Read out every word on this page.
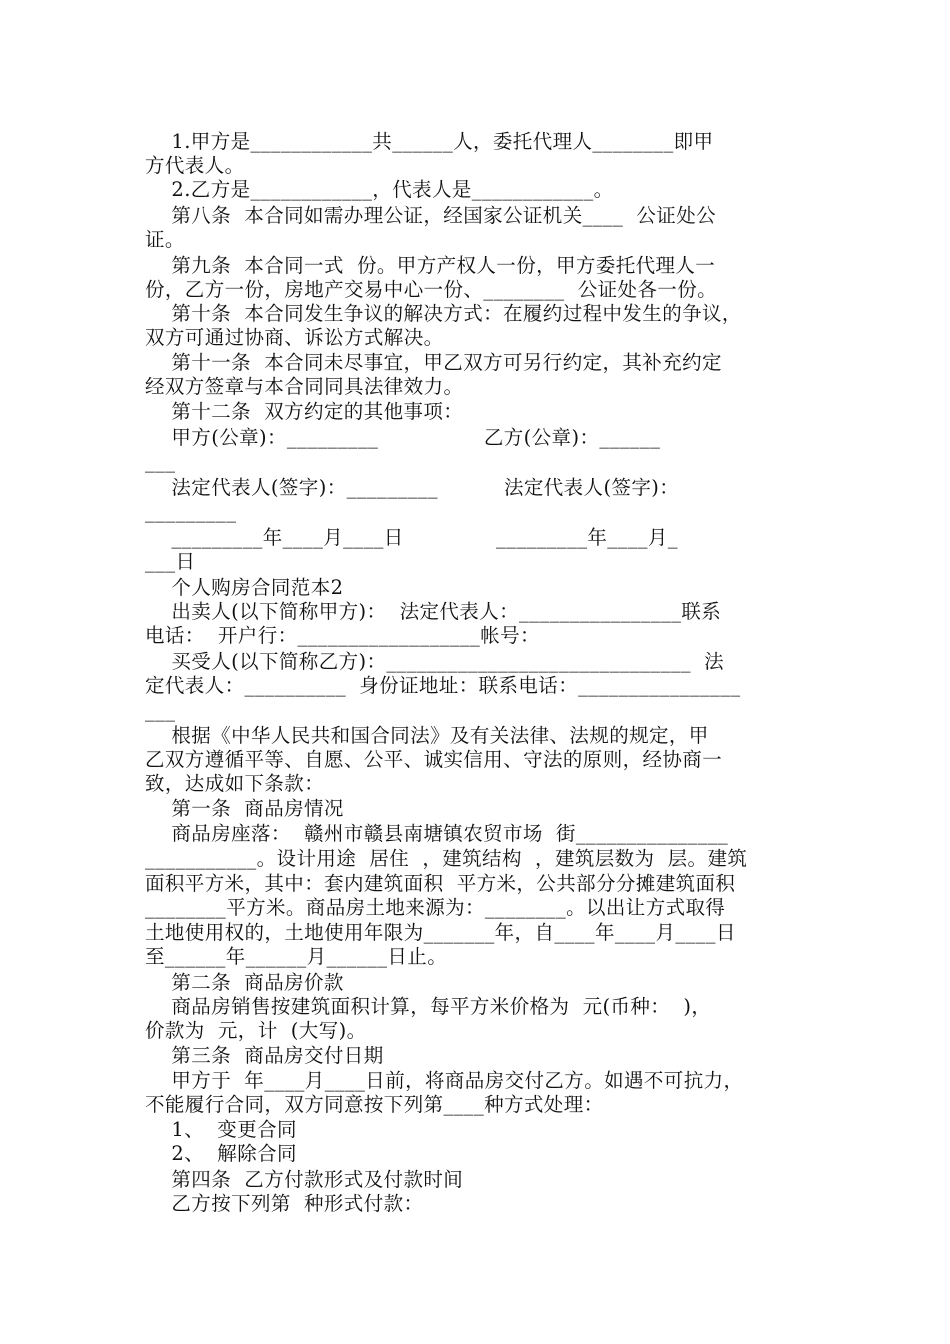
1.甲方是____________共______人，委托代理人________即甲
方代表人。
2.乙方是____________，代表人是____________。
第八条  本合同如需办理公证，经国家公证机关____  公证处公
证。
第九条  本合同一式  份。甲方产权人一份，甲方委托代理人一
份，乙方一份，房地产交易中心一份、________  公证处各一份。
第十条  本合同发生争议的解决方式：在履约过程中发生的争议，
双方可通过协商、诉讼方式解决。
第十一条  本合同未尽事宜，甲乙双方可另行约定，其补充约定
经双方签章与本合同同具法律效力。
第十二条  双方约定的其他事项：
甲方(公章)：_________                乙方(公章)：______
___
法定代表人(签字)：_________          法定代表人(签字)：
_________
_________年____月____日              _________年____月_
___日
个人购房合同范本2
出卖人(以下简称甲方)：  法定代表人：________________联系
电话：  开户行：__________________帐号：
买受人(以下简称乙方)：______________________________  法
定代表人：__________  身份证地址：联系电话：________________
___
根据《中华人民共和国合同法》及有关法律、法规的规定，甲
乙双方遵循平等、自愿、公平、诚实信用、守法的原则，经协商一
致，达成如下条款：
第一条  商品房情况
商品房座落：  赣州市赣县南塘镇农贸市场  街_______________
___________。设计用途  居住  ，建筑结构  ，建筑层数为  层。建筑
面积平方米，其中：套内建筑面积  平方米，公共部分分摊建筑面积
________平方米。商品房土地来源为：________。以出让方式取得
土地使用权的，土地使用年限为_______年，自____年____月____日
至______年______月______日止。
第二条  商品房价款
商品房销售按建筑面积计算，每平方米价格为  元(币种：  )，
价款为  元，计  (大写)。
第三条  商品房交付日期
甲方于  年____月____日前，将商品房交付乙方。如遇不可抗力，
不能履行合同，双方同意按下列第____种方式处理：
1、  变更合同
2、  解除合同
第四条  乙方付款形式及付款时间
乙方按下列第  种形式付款：
